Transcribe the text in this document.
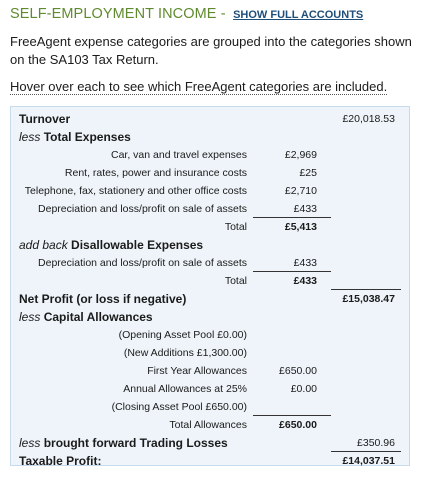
SELF-EMPLOYMENT INCOME - SHOW FULL ACCOUNTS
FreeAgent expense categories are grouped into the categories shown on the SA103 Tax Return.
Hover over each to see which FreeAgent categories are included.
Turnover	£20,018.53
less Total Expenses
Car, van and travel expenses	£2,969
Rent, rates, power and insurance costs	£25
Telephone, fax, stationery and other office costs	£2,710
Depreciation and loss/profit on sale of assets	£433
Total	£5,413
add back Disallowable Expenses
Depreciation and loss/profit on sale of assets	£433
Total	£433
Net Profit (or loss if negative)	£15,038.47
less Capital Allowances
(Opening Asset Pool £0.00)
(New Additions £1,300.00)
First Year Allowances	£650.00
Annual Allowances at 25%	£0.00
(Closing Asset Pool £650.00)
Total Allowances	£650.00
less brought forward Trading Losses	£350.96
Taxable Profit:	£14,037.51
